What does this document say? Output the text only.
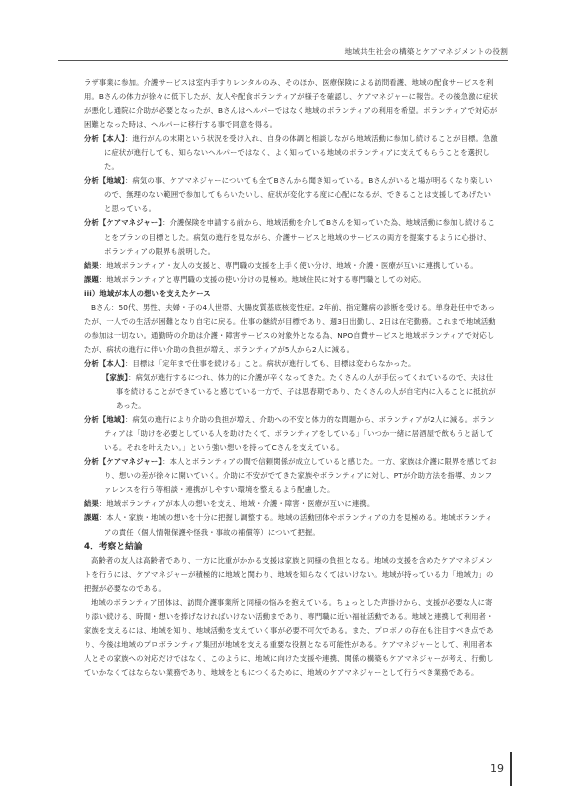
地域共生社会の構築とケアマネジメントの役割

ラザ事業に参加。介護サービスは室内手すりレンタルのみ、そのほか、医療保険による訪問看護、地域の配食サービスを利用。Bさんの体力が徐々に低下したが、友人や配食ボランティアが様子を確認し、ケアマネジャーに報告。その後急激に症状が悪化し通院に介助が必要となったが、Bさんはヘルパーではなく地域のボランティアの利用を希望。ボランティアで対応が困難となった時は、ヘルパーに移行する事で同意を得る。

分析【本人】：進行がんの末期という状況を受け入れ、自身の体調と相談しながら地域活動に参加し続けることが目標。急激に症状が進行しても、知らないヘルパーではなく、よく知っている地域のボランティアに支えてもらうことを選択した。

分析【地域】：病気の事、ケアマネジャーについても全てBさんから聞き知っている。Bさんがいると場が明るくなり楽しいので、無理のない範囲で参加してもらいたいし、症状が変化する度に心配になるが、できることは支援してあげたいと思っている。

分析【ケアマネジャー】：介護保険を申請する前から、地域活動を介してBさんを知っていた為、地域活動に参加し続けることをプランの目標とした。病気の進行を見ながら、介護サービスと地域のサービスの両方を提案するように心掛け、ボランティアの限界も説明した。

結果：地域ボランティア・友人の支援と、専門職の支援を上手く使い分け、地域・介護・医療が互いに連携している。

課題：地域ボランティアと専門職の支援の使い分けの見極め。地域住民に対する専門職としての対応。

iii）地域が本人の想いを支えたケース

Bさん：50代、男性、夫婦・子の4人世帯、大腸皮質基底核変性症。2年前、指定難病の診断を受ける。単身赴任中であったが、一人での生活が困難となり自宅に戻る。仕事の継続が目標であり、週3日出勤し、2日は在宅勤務。これまで地域活動の参加は一切ない。通勤時の介助は介護・障害サービスの対象外となる為、NPO自費サービスと地域ボランティアで対応したが、病状の進行に伴い介助の負担が増え、ボランティアが5人から2人に減る。

分析【本人】：目標は「定年まで仕事を続ける」こと。病状が進行しても、目標は変わらなかった。

【家族】：病気が進行するにつれ、体力的に介護が辛くなってきた。たくさんの人が手伝ってくれているので、夫は仕事を続けることができていると感じている一方で、子は思春期であり、たくさんの人が自宅内に入ることに抵抗があった。

分析【地域】：病気の進行により介助の負担が増え、介助への不安と体力的な問題から、ボランティアが2人に減る。ボランティアは「助けを必要としている人を助けたくて、ボランティアをしている」「いつか一緒に居酒屋で飲もうと話している。それを叶えたい。」という強い想いを持ってCさんを支えている。

分析【ケアマネジャー】：本人とボランティアの間で信頼関係が成立していると感じた。一方、家族は介護に限界を感じており、想いの差が徐々に開いていく。介助に不安がでてきた家族やボランティアに対し、PTが介助方法を指導、カンファレンスを行う等相談・連携がしやすい環境を整えるよう配慮した。

結果：地域ボランティアが本人の想いを支え、地域・介護・障害・医療が互いに連携。

課題：本人・家族・地域の想いを十分に把握し調整する。地域の活動団体やボランティアの力を見極める。地域ボランティアの責任（個人情報保護や怪我・事故の補償等）について把握。

4．考察と結論

高齢者の友人は高齢者であり、一方に比重がかかる支援は家族と同様の負担となる。地域の支援を含めたケアマネジメントを行うには、ケアマネジャーが積極的に地域と関わり、地域を知らなくてはいけない。地域が持っている力「地域力」の把握が必要なのである。

地域のボランティア団体は、訪問介護事業所と同様の悩みを抱えている。ちょっとした声掛けから、支援が必要な人に寄り添い続ける、時間・想いを捧げなければいけない活動まであり、専門職に近い福祉活動である。地域と連携して利用者・家族を支えるには、地域を知り、地域活動を支えていく事が必要不可欠である。また、プロボノの存在も注目すべき点であり、今後は地域のプロボランティア集団が地域を支える重要な役割となる可能性がある。ケアマネジャーとして、利用者本人とその家族への対応だけではなく、このように、地域に向けた支援や連携、関係の構築もケアマネジャーが考え、行動していかなくてはならない業務であり、地域をともにつくるために、地域のケアマネジャーとして行うべき業務である。

19
